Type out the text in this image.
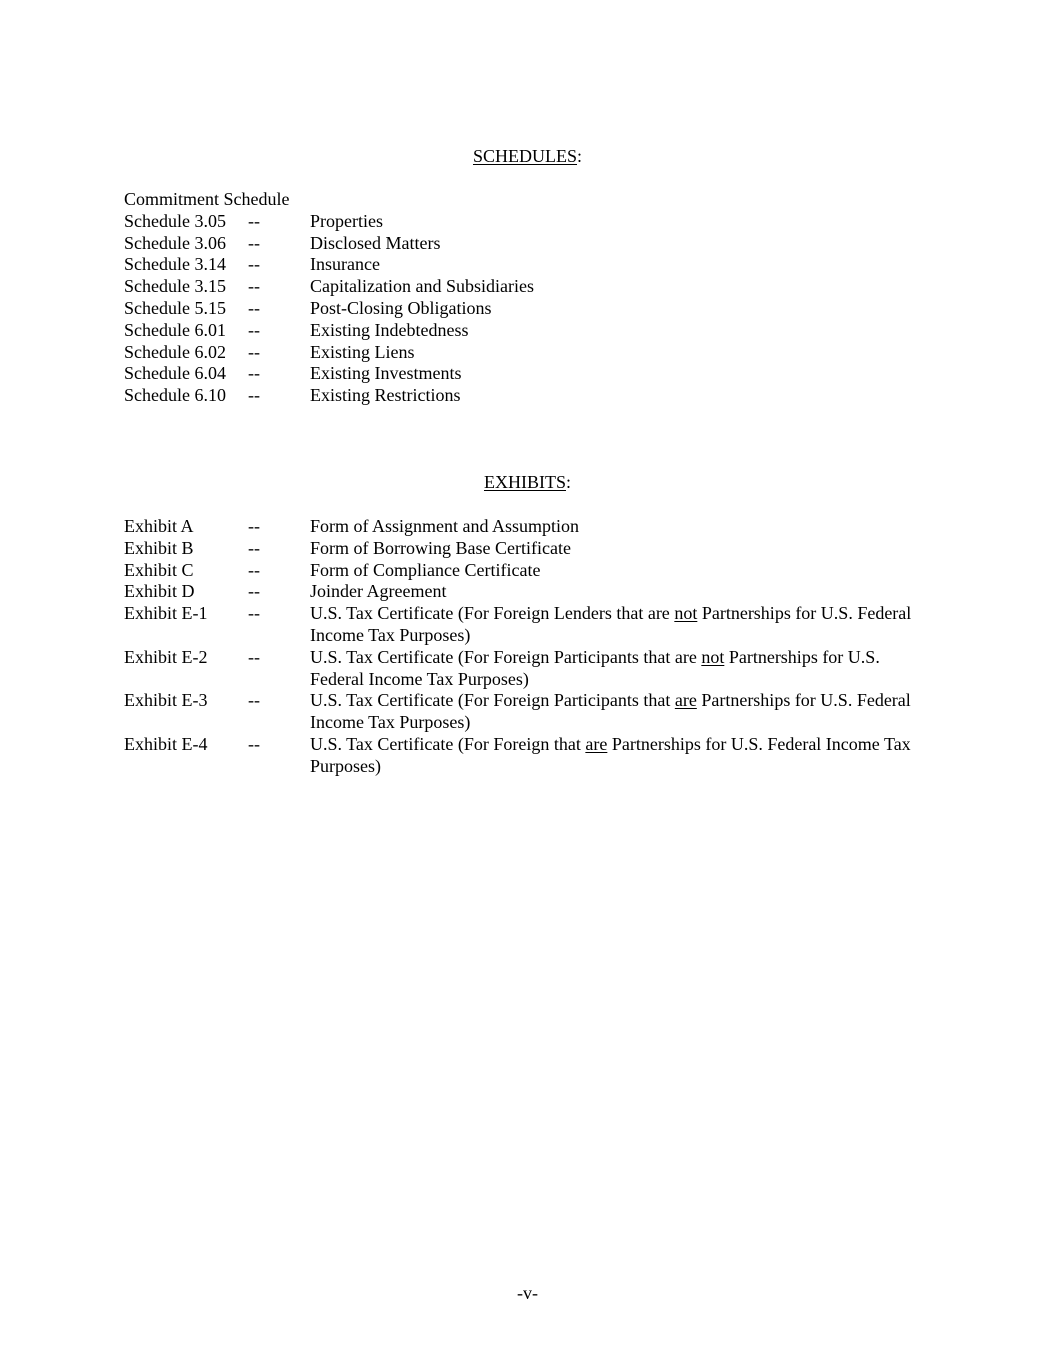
SCHEDULES:
Commitment Schedule
Schedule 3.05	--	Properties
Schedule 3.06	--	Disclosed Matters
Schedule 3.14	--	Insurance
Schedule 3.15	--	Capitalization and Subsidiaries
Schedule 5.15	--	Post-Closing Obligations
Schedule 6.01	--	Existing Indebtedness
Schedule 6.02	--	Existing Liens
Schedule 6.04	--	Existing Investments
Schedule 6.10	--	Existing Restrictions
EXHIBITS:
Exhibit A	--	Form of Assignment and Assumption
Exhibit B	--	Form of Borrowing Base Certificate
Exhibit C	--	Form of Compliance Certificate
Exhibit D	--	Joinder Agreement
Exhibit E-1	--	U.S. Tax Certificate (For Foreign Lenders that are not Partnerships for U.S. Federal Income Tax Purposes)
Exhibit E-2	--	U.S. Tax Certificate (For Foreign Participants that are not Partnerships for U.S. Federal Income Tax Purposes)
Exhibit E-3	--	U.S. Tax Certificate (For Foreign Participants that are Partnerships for U.S. Federal Income Tax Purposes)
Exhibit E-4	--	U.S. Tax Certificate (For Foreign that are Partnerships for U.S. Federal Income Tax Purposes)
-v-
